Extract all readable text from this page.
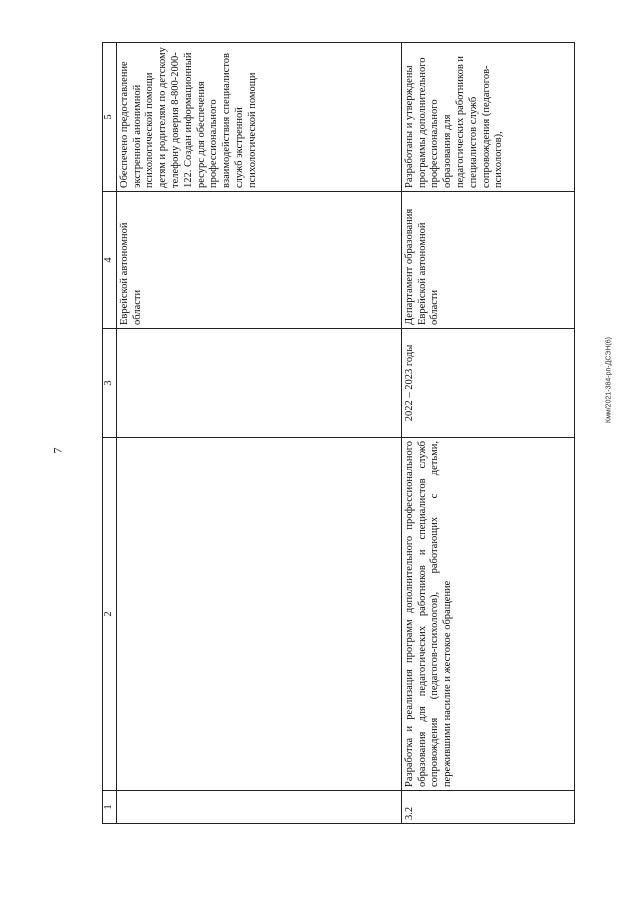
7
Кмм/2021-384-рп-ДСЭН(6)
1	2	3	4	5
			Еврейской автономной области	Обеспечено предоставление экстренной анонимной психологической помощи детям и родителям по детскому телефону доверия 8-800-2000-122. Создан информационный ресурс для обеспечения профессионального взаимодействия специалистов служб экстренной психологической помощи
3.2	Разработка и реализация программ дополнительного профессионального образования для педагогических работников и специалистов служб сопровождения (педагогов-психологов), работающих с детьми, пережившими насилие и жестокое обращение	2022 – 2023 годы	Департамент образования Еврейской автономной области	Разработаны и утверждены программы дополнительного профессионального образования для педагогических работников и специалистов служб сопровождения (педагогов-психологов),
